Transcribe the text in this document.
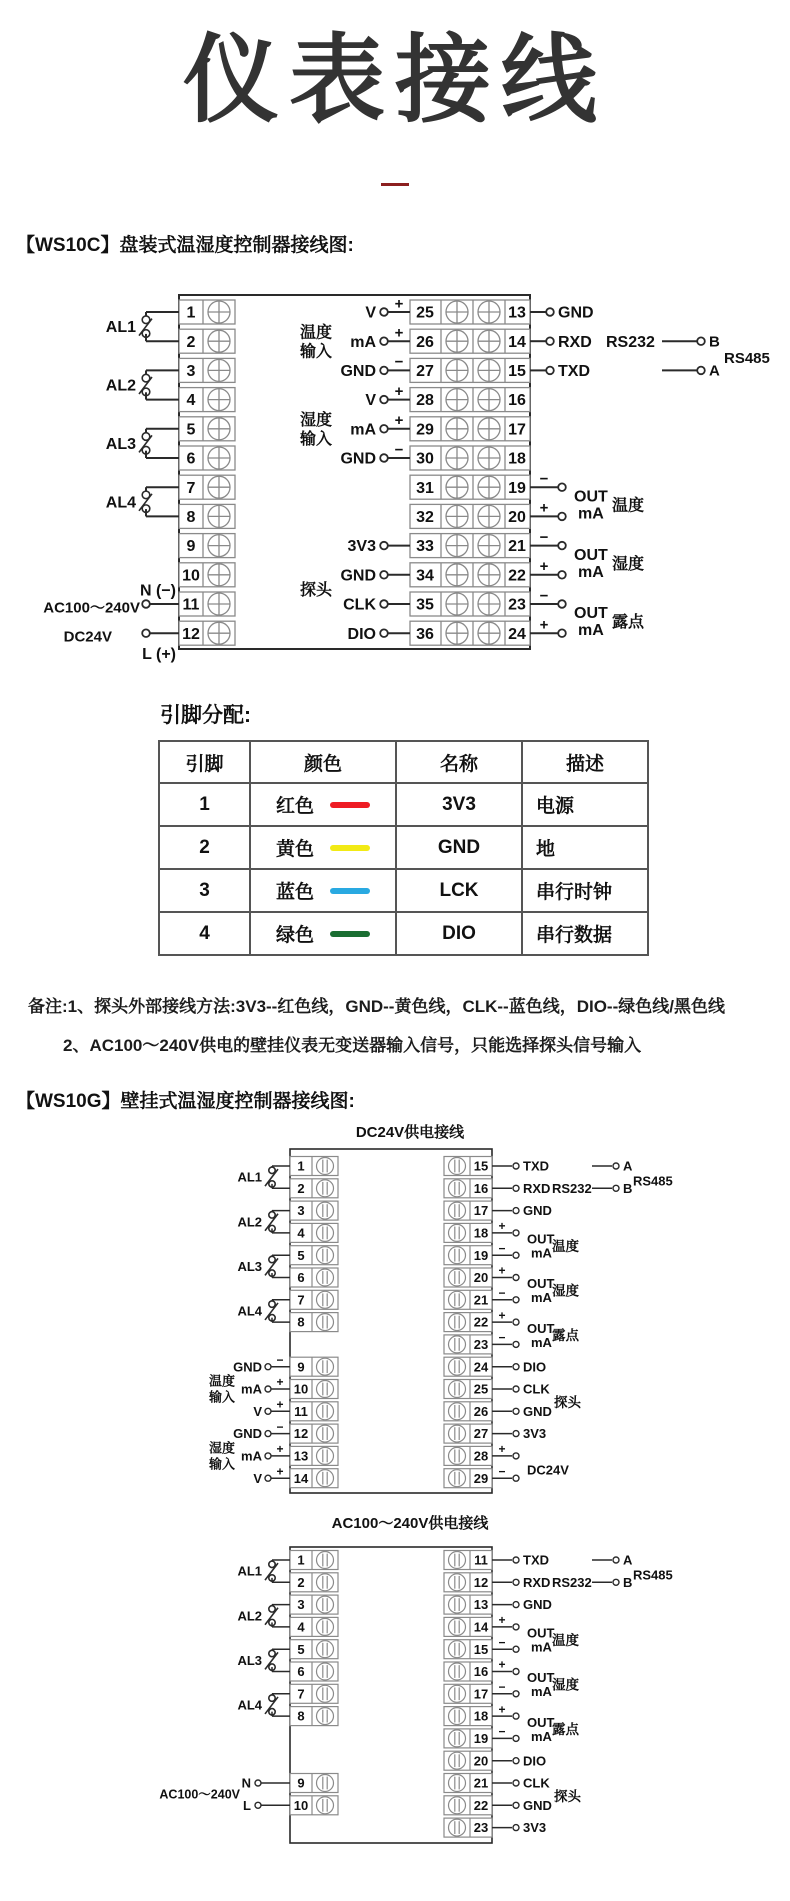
仪表接线
【WS10C】盘装式温湿度控制器接线图:
1
2
3
4
5
6
7
8
9
10
11
12
25	13
26	14
27	15
28	16
29	17
30	18
31	19
32	20
33	21
34	22
35	23
36	24
AL1
AL2
AL3
AL4
N (−)
L (+)
AC100～240V
DC24V
V
+
mA
+
GND
−
V
+
mA
+
GND
−
3V3
GND
CLK
DIO
温度
输入
湿度
输入
探头
GND
RXD RS232
TXD
B
A
RS485
−
+
OUT
mA 温度
−
+
OUT
mA 湿度
−
+
OUT
mA 露点
引脚分配:
引脚	颜色	名称	描述
1	红色	3V3	电源
2	黄色	GND	地
3	蓝色	LCK	串行时钟
4	绿色	DIO	串行数据
备注:1、探头外部接线方法:3V3--红色线，GND--黄色线，CLK--蓝色线，DIO--绿色线/黑色线
2、AC100～240V供电的壁挂仪表无变送器输入信号，只能选择探头信号输入
【WS10G】壁挂式温湿度控制器接线图:
DC24V供电接线
1
2
3
4
5
6
7
8
9
10
11
12
13
14
15
16
17
18
19
20
21
22
23
24
25
26
27
28
29
AL1
AL2
AL3
AL4
GND −
mA +
V +
GND −
mA +
V +
温度
输入
湿度
输入
TXD
RXD RS232
GND
DIO
CLK
GND
3V3
A
B RS485
+
−
OUT
mA 温度
+
−
OUT
mA 湿度
+
−
OUT
mA 露点
探头
+
− DC24V
AC100～240V供电接线
1
2
3
4
5
6
7
8
9
10
11
12
13
14
15
16
17
18
19
20
21
22
23
AL1
AL2
AL3
AL4
N
L
AC100～240V
TXD
RXD RS232
GND
DIO
CLK
GND
3V3
A
B RS485
+
−
OUT
mA 温度
+
−
OUT
mA 湿度
+
−
OUT
mA 露点
探头
